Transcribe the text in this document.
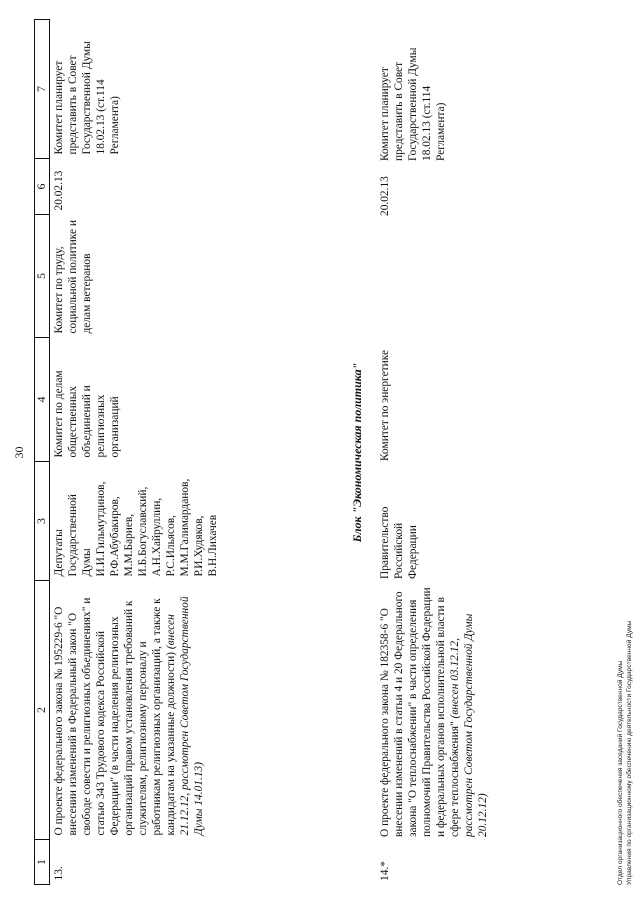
30
1	2	3	4	5	6	7
13.	О проекте федерального закона № 195229-6 "О внесении изменений в Федеральный закон "О свободе совести и религиозных объединениях" и статью 343 Трудового кодекса Российской Федерации" (в части наделения религиозных организаций правом установления требований к служителям, религиозному персоналу и работникам религиозных организаций, а также к кандидатам на указанные должности) (внесен 21.12.12, рассмотрен Советом Государственной Думы 14.01.13)	Депутаты Государственной Думы И.И.Гильмутдинов, Р.Ф.Абубакиров, М.М.Бариев, И.Б.Богуславский, А.Н.Хайруллин, Р.С.Ильясов, М.М.Галимарданов, Р.И.Худяков, В.Н.Лихачев	Комитет по делам общественных объединений и религиозных организаций	Комитет по труду, социальной политике и делам ветеранов	20.02.13	Комитет планирует представить в Совет Государственной Думы 18.02.13 (ст.114 Регламента)
Блок "Экономическая политика"
14.*	О проекте федерального закона № 182358-6 "О внесении изменений в статьи 4 и 20 Федерального закона "О теплоснабжении" в части определения полномочий Правительства Российской Федерации и федеральных органов исполнительной власти в сфере теплоснабжения" (внесен 03.12.12, рассмотрен Советом Государственной Думы 20.12.12)	Правительство Российской Федерации	Комитет по энергетике		20.02.13	Комитет планирует представить в Совет Государственной Думы 18.02.13 (ст.114 Регламента)
Отдел организационного обеспечения заседаний Государственной Думы Управления по организационному обеспечению деятельности Государственной Думы
